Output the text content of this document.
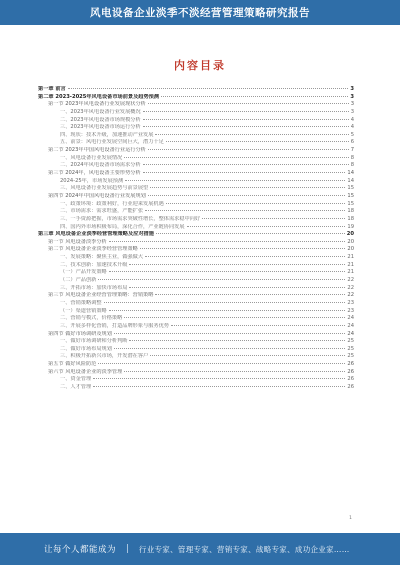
风电设备企业淡季不淡经营管理策略研究报告
内容目录
第一章 前言	3
第二章 2023-2025年风电设备市场前景及趋势预测	3
第一节 2023年风电设备行业发展现状分析	3
一、2023年风电设备行业发展概况	3
二、2023年风电设备市场规模分析	4
三、2023年风电设备市场运行分析	4
四、现状：技术升级，加速推动产业发展	5
五、前景：风电行业发展空间巨大，潜力十足	6
第二节 2023年中国风电设备行业运行分析	7
一、风电设备行业发展情况	8
二、2024年风电设备市场需求分析	8
第三节 2024年，风电设备主要形势分析	14
2024-25年，市场发展预测	14
三、风电设备行业发展趋势与前景展望	15
第四节 2024年中国风电设备行业发展规划	15
一、政策环境：政策利好，行业迎来发展机遇	15
二、市场需求：需求旺盛，产能扩张	18
三、一手资源把握，市场需求突破性增长，整体需求稳中向好	18
四、国内外市场积极布局，深化合作，产业链协同发展	19
第三章 风电设备企业淡季经营管理策略及应对措施	20
第一节 风电设备淡季分析	20
第二节 风电设备企业淡季经营管理策略	20
一、发展策略：聚焦主业，做强做大	21
二、技术创新：加速技术升级	21
（一）产品开发策略	21
（二）产品创新	22
三、开拓市场：加快市场布局	22
第三节 风电设备企业经营管理策略：营销策略	22
一、营销策略调整	23
（一）渠道营销策略	23
二、营销与模式，价格策略	24
三、开展多样化营销，打造品牌形象与服务优势	24
第四节 做好市场调研及规划	24
一、做好市场调研和分析判断	25
二、做好市场布局规划	25
三、积极开拓新兴市场，开发潜在客户	25
第五节 做好风险防范	26
第六节 风电设备企业的淡季管理	26
一、资金管理	26
二、人才管理	26
1
让每个人都能成为 | 行业专家、管理专家、营销专家、战略专家、成功企业家……
